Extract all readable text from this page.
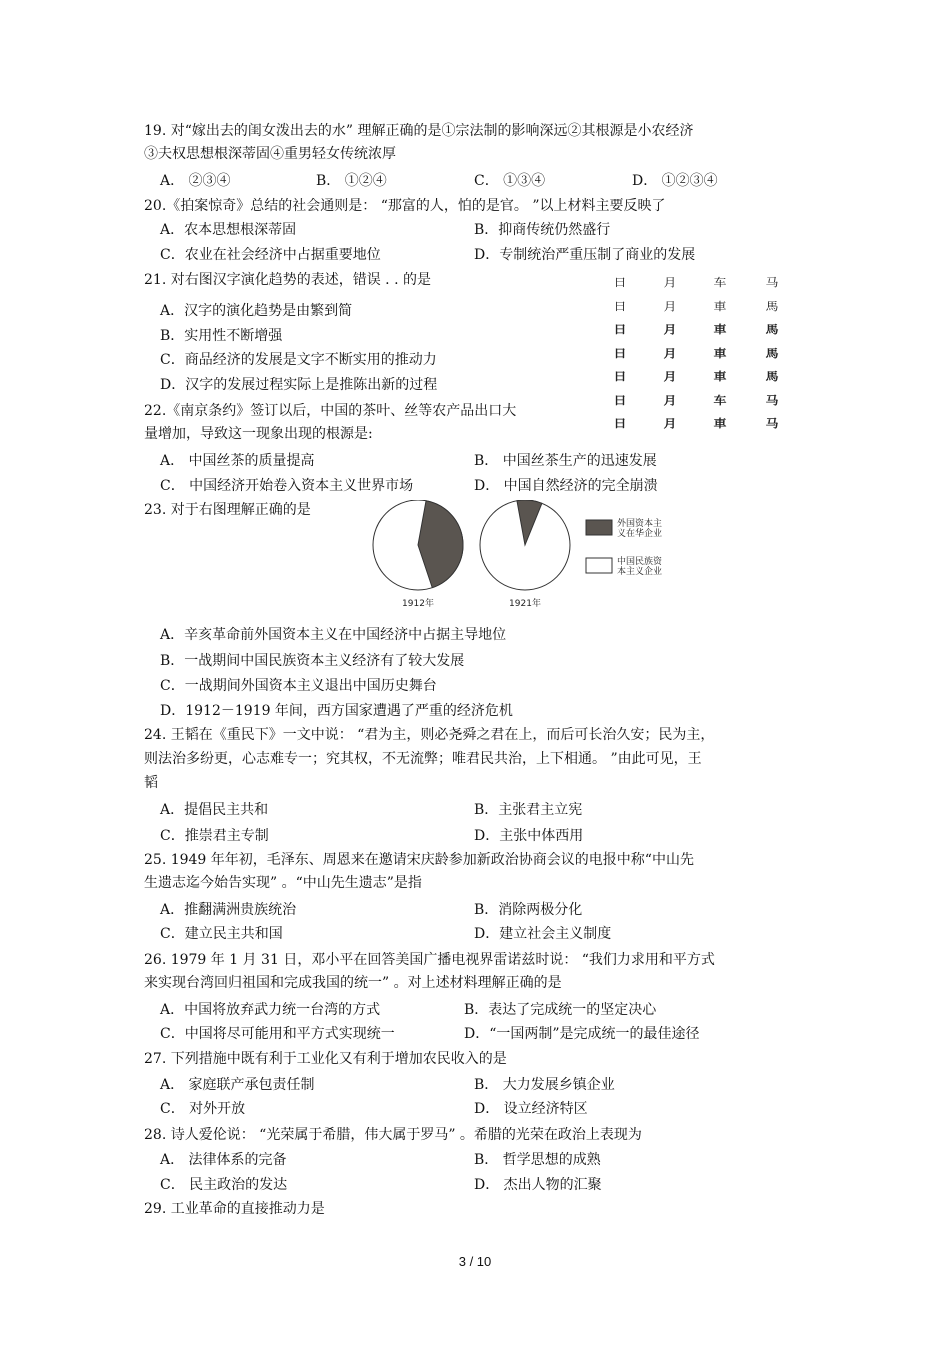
19. 对“嫁出去的闺女泼出去的水” 理解正确的是①宗法制的影响深远②其根源是小农经济
③夫权思想根深蒂固④重男轻女传统浓厚
A． ②③④	B． ①②④	C． ①③④	D． ①②③④
20.《拍案惊奇》总结的社会通则是： “那富的人，怕的是官。 ”以上材料主要反映了
A．农本思想根深蒂固	B．抑商传统仍然盛行
C．农业在社会经济中占据重要地位	D．专制统治严重压制了商业的发展
21. 对右图汉字演化趋势的表述，错误 . . 的是
A．汉字的演化趋势是由繁到简
B．实用性不断增强
C．商品经济的发展是文字不断实用的推动力
D．汉字的发展过程实际上是推陈出新的过程
日	月	车	马
日	月	車	馬
日	月	車	馬
日	月	車	馬
日	月	車	馬
日	月	车	马
日	月	車	马
22.《南京条约》签订以后，中国的茶叶、丝等农产品出口大
量增加，导致这一现象出现的根源是:
A． 中国丝茶的质量提高	B． 中国丝茶生产的迅速发展
C． 中国经济开始卷入资本主义世界市场	D． 中国自然经济的完全崩溃
23. 对于右图理解正确的是
1912年	1921年
外国资本主
义在华企业
中国民族资
本主义企业
A．辛亥革命前外国资本主义在中国经济中占据主导地位
B．一战期间中国民族资本主义经济有了较大发展
C．一战期间外国资本主义退出中国历史舞台
D．1912－1919 年间，西方国家遭遇了严重的经济危机
24. 王韬在《重民下》一文中说： “君为主，则必尧舜之君在上，而后可长治久安；民为主，
则法治多纷更，心志难专一；究其权，不无流弊；唯君民共治，上下相通。 ”由此可见，王
韬
A．提倡民主共和	B．主张君主立宪
C．推崇君主专制	D．主张中体西用
25. 1949 年年初，毛泽东、周恩来在邀请宋庆龄参加新政治协商会议的电报中称“中山先
生遗志迄今始告实现” 。“中山先生遗志”是指
A．推翻满洲贵族统治	B．消除两极分化
C．建立民主共和国	D．建立社会主义制度
26. 1979 年 1 月 31 日，邓小平在回答美国广播电视界雷诺兹时说： “我们力求用和平方式
来实现台湾回归祖国和完成我国的统一” 。对上述材料理解正确的是
A．中国将放弃武力统一台湾的方式	B．表达了完成统一的坚定决心
C．中国将尽可能用和平方式实现统一	D．“一国两制”是完成统一的最佳途径
27. 下列措施中既有利于工业化又有利于增加农民收入的是
A． 家庭联产承包责任制	B． 大力发展乡镇企业
C． 对外开放	D． 设立经济特区
28. 诗人爱伦说： “光荣属于希腊，伟大属于罗马” 。希腊的光荣在政治上表现为
A． 法律体系的完备	B． 哲学思想的成熟
C． 民主政治的发达	D． 杰出人物的汇聚
29. 工业革命的直接推动力是
3 / 10
